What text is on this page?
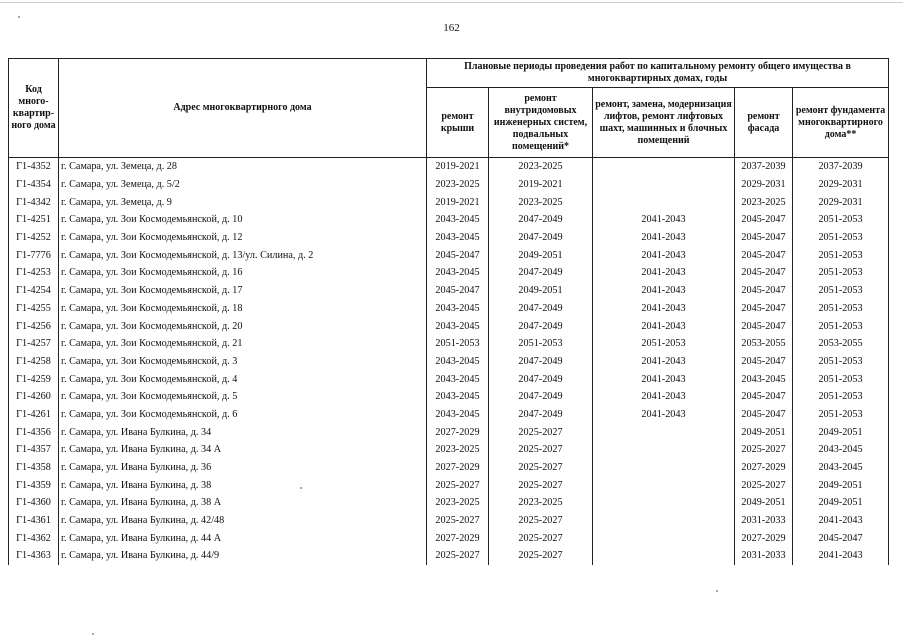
162
Код много-квартир-ного дома	Адрес многоквартирного дома	Плановые периоды проведения работ по капитальному ремонту общего имущества в многоквартирных домах, годы				
		ремонт крыши	ремонт внутридомовых инженерных систем, подвальных помещений*	ремонт, замена, модернизация лифтов, ремонт лифтовых шахт, машинных и блочных помещений	ремонт фасада	ремонт фундамента многоквартирного дома**
Г1-4352	г. Самара, ул. Земеца, д. 28	2019-2021	2023-2025		2037-2039	2037-2039
Г1-4354	г. Самара, ул. Земеца, д. 5/2	2023-2025	2019-2021		2029-2031	2029-2031
Г1-4342	г. Самара, ул. Земеца, д. 9	2019-2021	2023-2025		2023-2025	2029-2031
Г1-4251	г. Самара, ул. Зои Космодемьянской, д. 10	2043-2045	2047-2049	2041-2043	2045-2047	2051-2053
Г1-4252	г. Самара, ул. Зои Космодемьянской, д. 12	2043-2045	2047-2049	2041-2043	2045-2047	2051-2053
Г1-7776	г. Самара, ул. Зои Космодемьянской, д. 13/ул. Силина, д. 2	2045-2047	2049-2051	2041-2043	2045-2047	2051-2053
Г1-4253	г. Самара, ул. Зои Космодемьянской, д. 16	2043-2045	2047-2049	2041-2043	2045-2047	2051-2053
Г1-4254	г. Самара, ул. Зои Космодемьянской, д. 17	2045-2047	2049-2051	2041-2043	2045-2047	2051-2053
Г1-4255	г. Самара, ул. Зои Космодемьянской, д. 18	2043-2045	2047-2049	2041-2043	2045-2047	2051-2053
Г1-4256	г. Самара, ул. Зои Космодемьянской, д. 20	2043-2045	2047-2049	2041-2043	2045-2047	2051-2053
Г1-4257	г. Самара, ул. Зои Космодемьянской, д. 21	2051-2053	2051-2053	2051-2053	2053-2055	2053-2055
Г1-4258	г. Самара, ул. Зои Космодемьянской, д. 3	2043-2045	2047-2049	2041-2043	2045-2047	2051-2053
Г1-4259	г. Самара, ул. Зои Космодемьянской, д. 4	2043-2045	2047-2049	2041-2043	2043-2045	2051-2053
Г1-4260	г. Самара, ул. Зои Космодемьянской, д. 5	2043-2045	2047-2049	2041-2043	2045-2047	2051-2053
Г1-4261	г. Самара, ул. Зои Космодемьянской, д. 6	2043-2045	2047-2049	2041-2043	2045-2047	2051-2053
Г1-4356	г. Самара, ул. Ивана Булкина, д. 34	2027-2029	2025-2027		2049-2051	2049-2051
Г1-4357	г. Самара, ул. Ивана Булкина, д. 34 А	2023-2025	2025-2027		2025-2027	2043-2045
Г1-4358	г. Самара, ул. Ивана Булкина, д. 36	2027-2029	2025-2027		2027-2029	2043-2045
Г1-4359	г. Самара, ул. Ивана Булкина, д. 38	2025-2027	2025-2027		2025-2027	2049-2051
Г1-4360	г. Самара, ул. Ивана Булкина, д. 38 А	2023-2025	2023-2025		2049-2051	2049-2051
Г1-4361	г. Самара, ул. Ивана Булкина, д. 42/48	2025-2027	2025-2027		2031-2033	2041-2043
Г1-4362	г. Самара, ул. Ивана Булкина, д. 44 А	2027-2029	2025-2027		2027-2029	2045-2047
Г1-4363	г. Самара, ул. Ивана Булкина, д. 44/9	2025-2027	2025-2027		2031-2033	2041-2043
